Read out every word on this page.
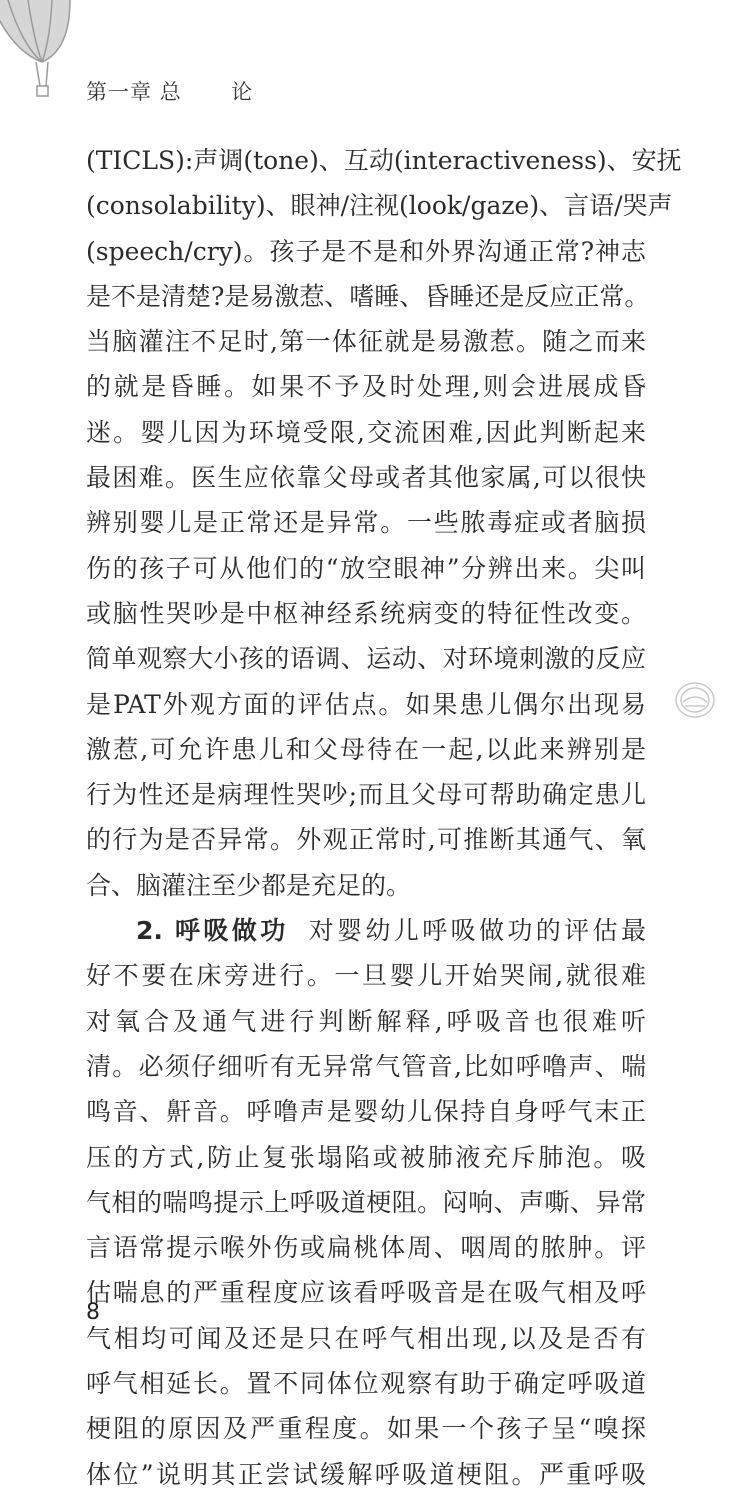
第一章 总 论
(TICLS):声调(tone)、互动(interactiveness)、安抚
(consolability)、眼神/注视(look/gaze)、言语/哭声
(speech/cry)。孩子是不是和外界沟通正常?神志
是不是清楚?是易激惹、嗜睡、昏睡还是反应正常。
当脑灌注不足时,第一体征就是易激惹。随之而来
的就是昏睡。如果不予及时处理,则会进展成昏
迷。婴儿因为环境受限,交流困难,因此判断起来
最困难。医生应依靠父母或者其他家属,可以很快
辨别婴儿是正常还是异常。一些脓毒症或者脑损
伤的孩子可从他们的“放空眼神”分辨出来。尖叫
或脑性哭吵是中枢神经系统病变的特征性改变。
简单观察大小孩的语调、运动、对环境刺激的反应
是PAT外观方面的评估点。如果患儿偶尔出现易
激惹,可允许患儿和父母待在一起,以此来辨别是
行为性还是病理性哭吵;而且父母可帮助确定患儿
的行为是否异常。外观正常时,可推断其通气、氧
合、脑灌注至少都是充足的。
2. 呼吸做功 对婴幼儿呼吸做功的评估最
好不要在床旁进行。一旦婴儿开始哭闹,就很难
对氧合及通气进行判断解释,呼吸音也很难听
清。必须仔细听有无异常气管音,比如呼噜声、喘
鸣音、鼾音。呼噜声是婴幼儿保持自身呼气末正
压的方式,防止复张塌陷或被肺液充斥肺泡。吸
气相的喘鸣提示上呼吸道梗阻。闷响、声嘶、异常
言语常提示喉外伤或扁桃体周、咽周的脓肿。评
估喘息的严重程度应该看呼吸音是在吸气相及呼
气相均可闻及还是只在呼气相出现,以及是否有
呼气相延长。置不同体位观察有助于确定呼吸道
梗阻的原因及严重程度。如果一个孩子呈“嗅探
体位”说明其正尝试缓解呼吸道梗阻。严重呼吸
8
